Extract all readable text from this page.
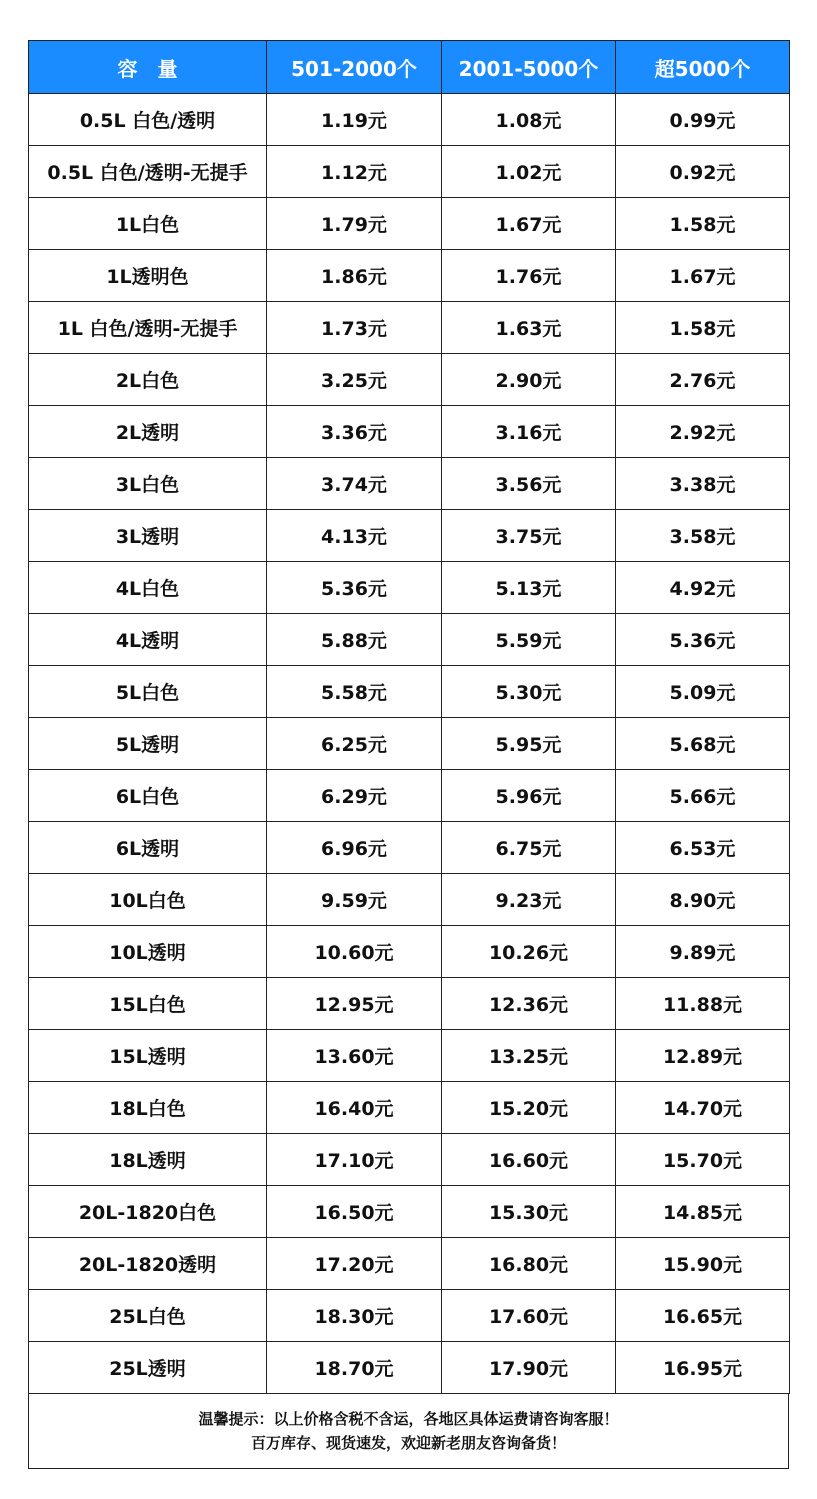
容　量	501-2000个	2001-5000个	超5000个
0.5L 白色/透明	1.19元	1.08元	0.99元
0.5L 白色/透明-无提手	1.12元	1.02元	0.92元
1L白色	1.79元	1.67元	1.58元
1L透明色	1.86元	1.76元	1.67元
1L 白色/透明-无提手	1.73元	1.63元	1.58元
2L白色	3.25元	2.90元	2.76元
2L透明	3.36元	3.16元	2.92元
3L白色	3.74元	3.56元	3.38元
3L透明	4.13元	3.75元	3.58元
4L白色	5.36元	5.13元	4.92元
4L透明	5.88元	5.59元	5.36元
5L白色	5.58元	5.30元	5.09元
5L透明	6.25元	5.95元	5.68元
6L白色	6.29元	5.96元	5.66元
6L透明	6.96元	6.75元	6.53元
10L白色	9.59元	9.23元	8.90元
10L透明	10.60元	10.26元	9.89元
15L白色	12.95元	12.36元	11.88元
15L透明	13.60元	13.25元	12.89元
18L白色	16.40元	15.20元	14.70元
18L透明	17.10元	16.60元	15.70元
20L-1820白色	16.50元	15.30元	14.85元
20L-1820透明	17.20元	16.80元	15.90元
25L白色	18.30元	17.60元	16.65元
25L透明	18.70元	17.90元	16.95元
温馨提示：以上价格含税不含运，各地区具体运费请咨询客服！
百万库存、现货速发，欢迎新老朋友咨询备货！
